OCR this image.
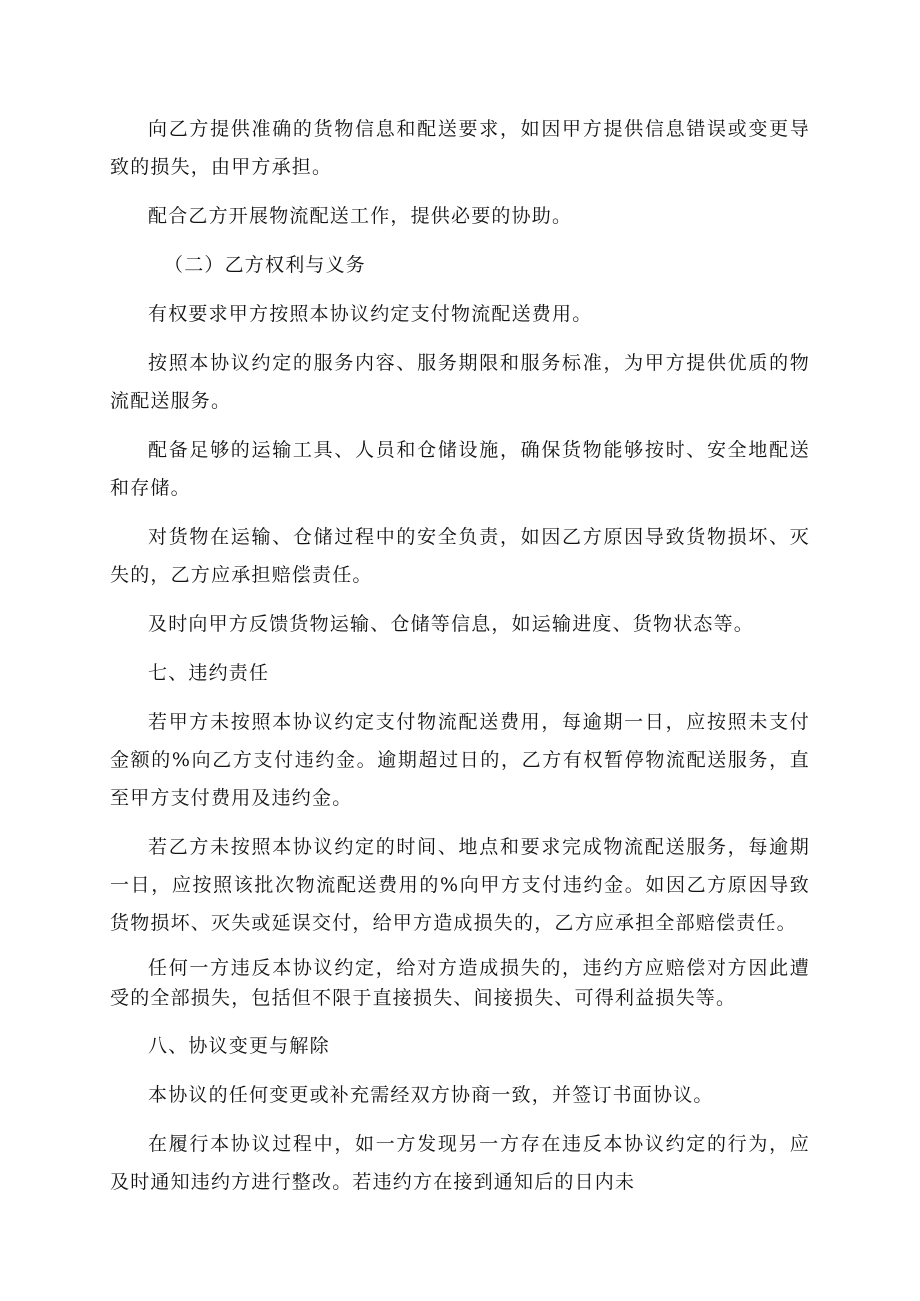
向乙方提供准确的货物信息和配送要求，如因甲方提供信息错误或变更导致的损失，由甲方承担。

配合乙方开展物流配送工作，提供必要的协助。

（二）乙方权利与义务

有权要求甲方按照本协议约定支付物流配送费用。

按照本协议约定的服务内容、服务期限和服务标准，为甲方提供优质的物流配送服务。

配备足够的运输工具、人员和仓储设施，确保货物能够按时、安全地配送和存储。

对货物在运输、仓储过程中的安全负责，如因乙方原因导致货物损坏、灭失的，乙方应承担赔偿责任。

及时向甲方反馈货物运输、仓储等信息，如运输进度、货物状态等。

七、违约责任

若甲方未按照本协议约定支付物流配送费用，每逾期一日，应按照未支付金额的%向乙方支付违约金。逾期超过日的，乙方有权暂停物流配送服务，直至甲方支付费用及违约金。

若乙方未按照本协议约定的时间、地点和要求完成物流配送服务，每逾期一日，应按照该批次物流配送费用的%向甲方支付违约金。如因乙方原因导致货物损坏、灭失或延误交付，给甲方造成损失的，乙方应承担全部赔偿责任。

任何一方违反本协议约定，给对方造成损失的，违约方应赔偿对方因此遭受的全部损失，包括但不限于直接损失、间接损失、可得利益损失等。

八、协议变更与解除

本协议的任何变更或补充需经双方协商一致，并签订书面协议。

在履行本协议过程中，如一方发现另一方存在违反本协议约定的行为，应及时通知违约方进行整改。若违约方在接到通知后的日内未
